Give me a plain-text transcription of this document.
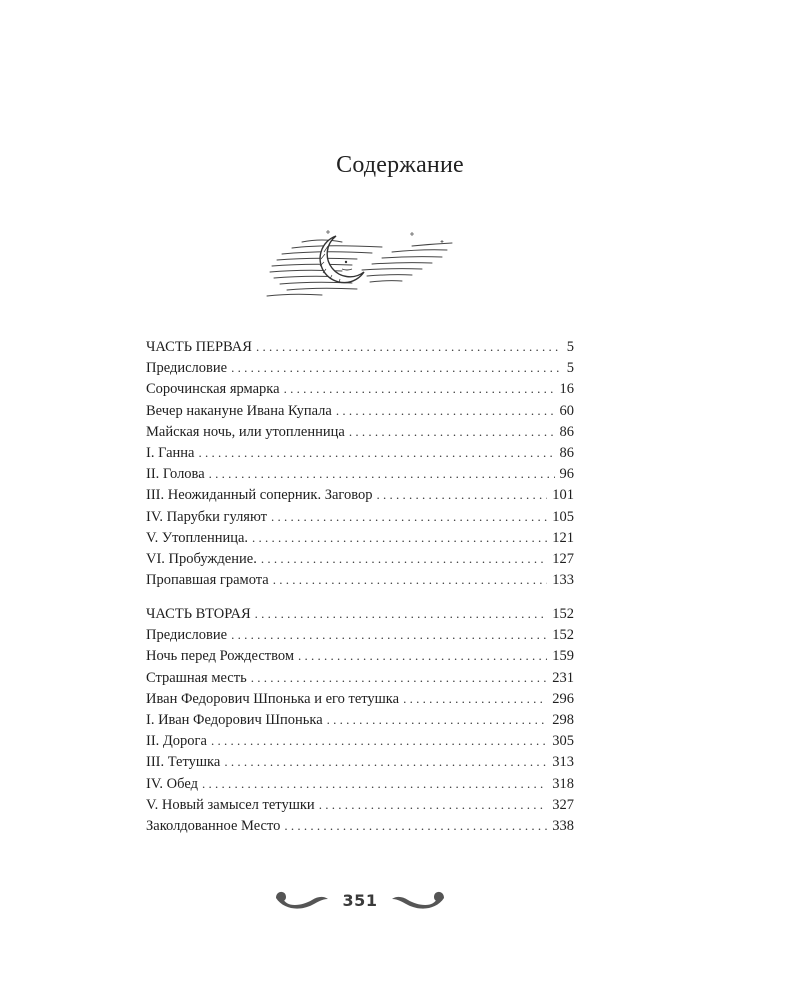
Содержание
ЧАСТЬ ПЕРВАЯ . . .	5
Предисловие . . .	5
Сорочинская ярмарка . . .	16
Вечер накануне Ивана Купала . . .	60
Майская ночь, или утопленница . . .	86
I. Ганна . . .	86
II. Голова . . .	96
III. Неожиданный соперник. Заговор . . .	101
IV. Парубки гуляют . . .	105
V. Утопленница. . . .	121
VI. Пробуждение. . . .	127
Пропавшая грамота . . .	133
ЧАСТЬ ВТОРАЯ . . .	152
Предисловие . . .	152
Ночь перед Рождеством . . .	159
Страшная месть . . .	231
Иван Федорович Шпонька и его тетушка . . .	296
I. Иван Федорович Шпонька . . .	298
II. Дорога . . .	305
III. Тетушка . . .	313
IV. Обед . . .	318
V. Новый замысел тетушки . . .	327
Заколдованное Место . . .	338
351
